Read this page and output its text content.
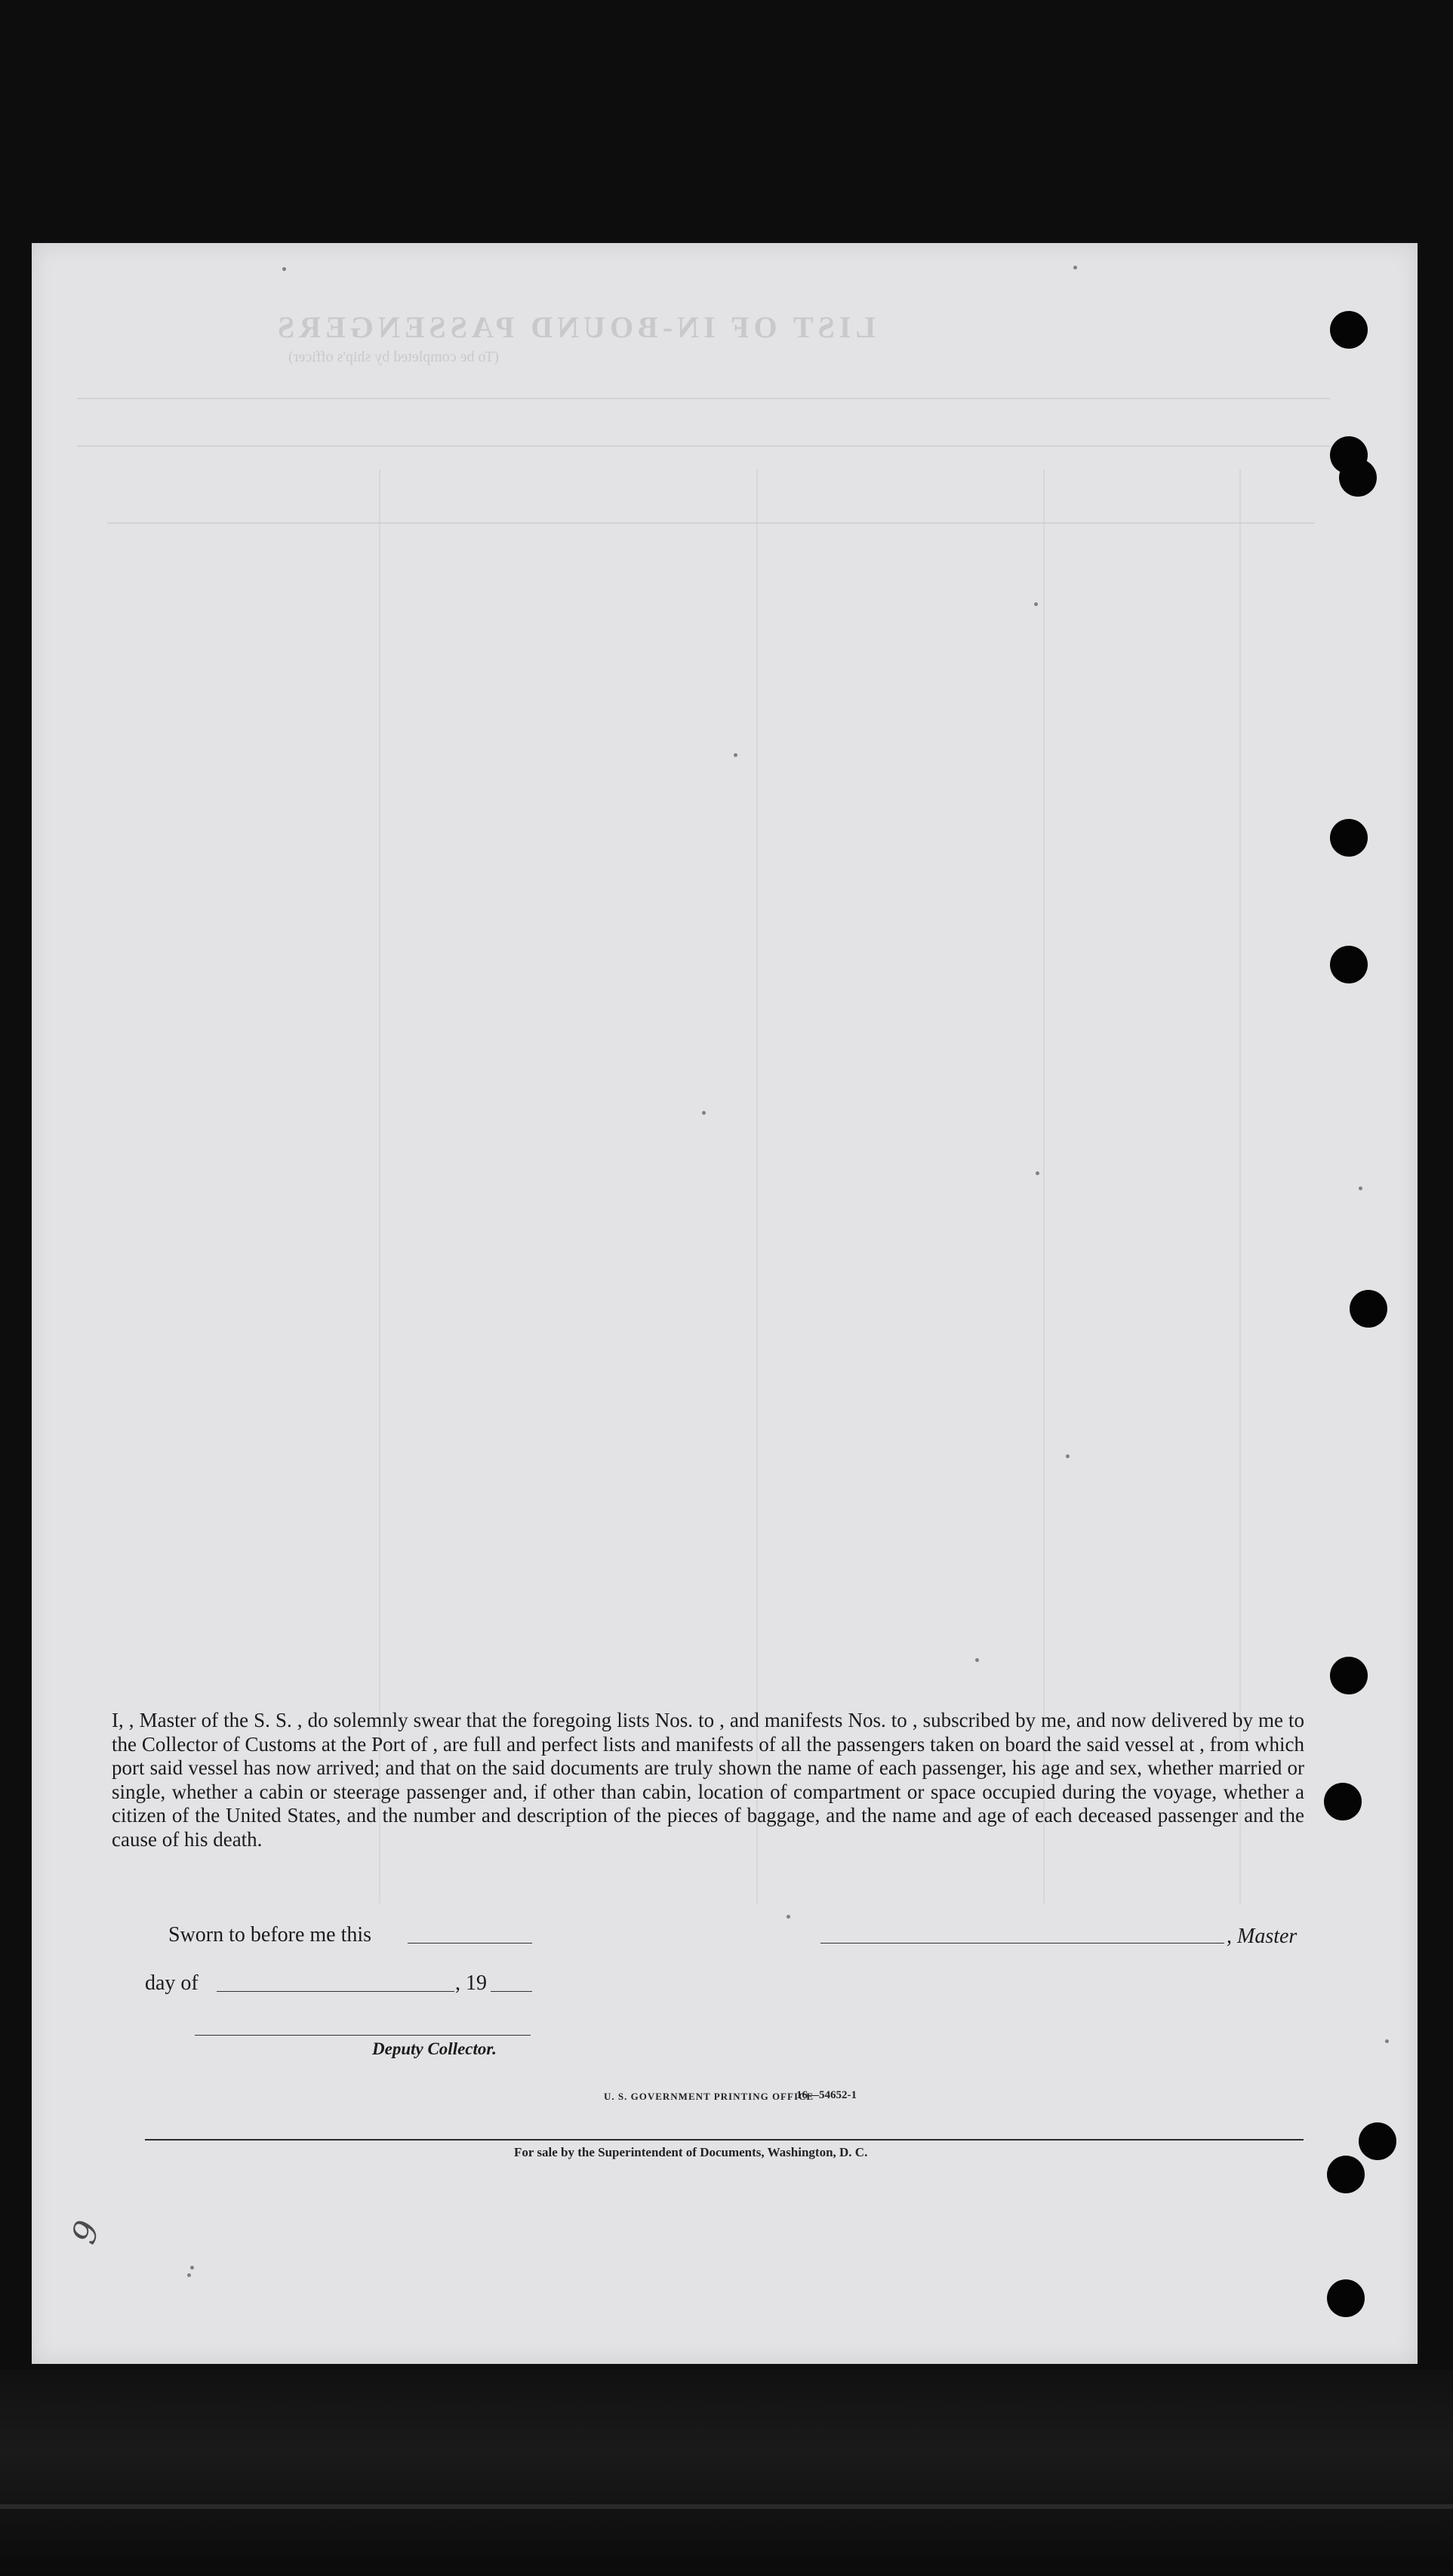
LIST OF IN-BOUND PASSENGERS
(To be completed by ship's officer)
I, , Master of the S. S. , do solemnly swear that the foregoing lists Nos. to , and manifests Nos. to , subscribed by me, and now delivered by me to the Collector of Customs at the Port of , are full and perfect lists and manifests of all the passengers taken on board the said vessel at , from which port said vessel has now arrived; and that on the said documents are truly shown the name of each passenger, his age and sex, whether married or single, whether a cabin or steerage passenger and, if other than cabin, location of compartment or space occupied during the voyage, whether a citizen of the United States, and the number and description of the pieces of baggage, and the name and age of each deceased passenger and the cause of his death.
Sworn to before me this	, Master
day of	, 19
Deputy Collector.
U. S. GOVERNMENT PRINTING OFFICE
16—54652-1
For sale by the Superintendent of Documents, Washington, D. C.
9
